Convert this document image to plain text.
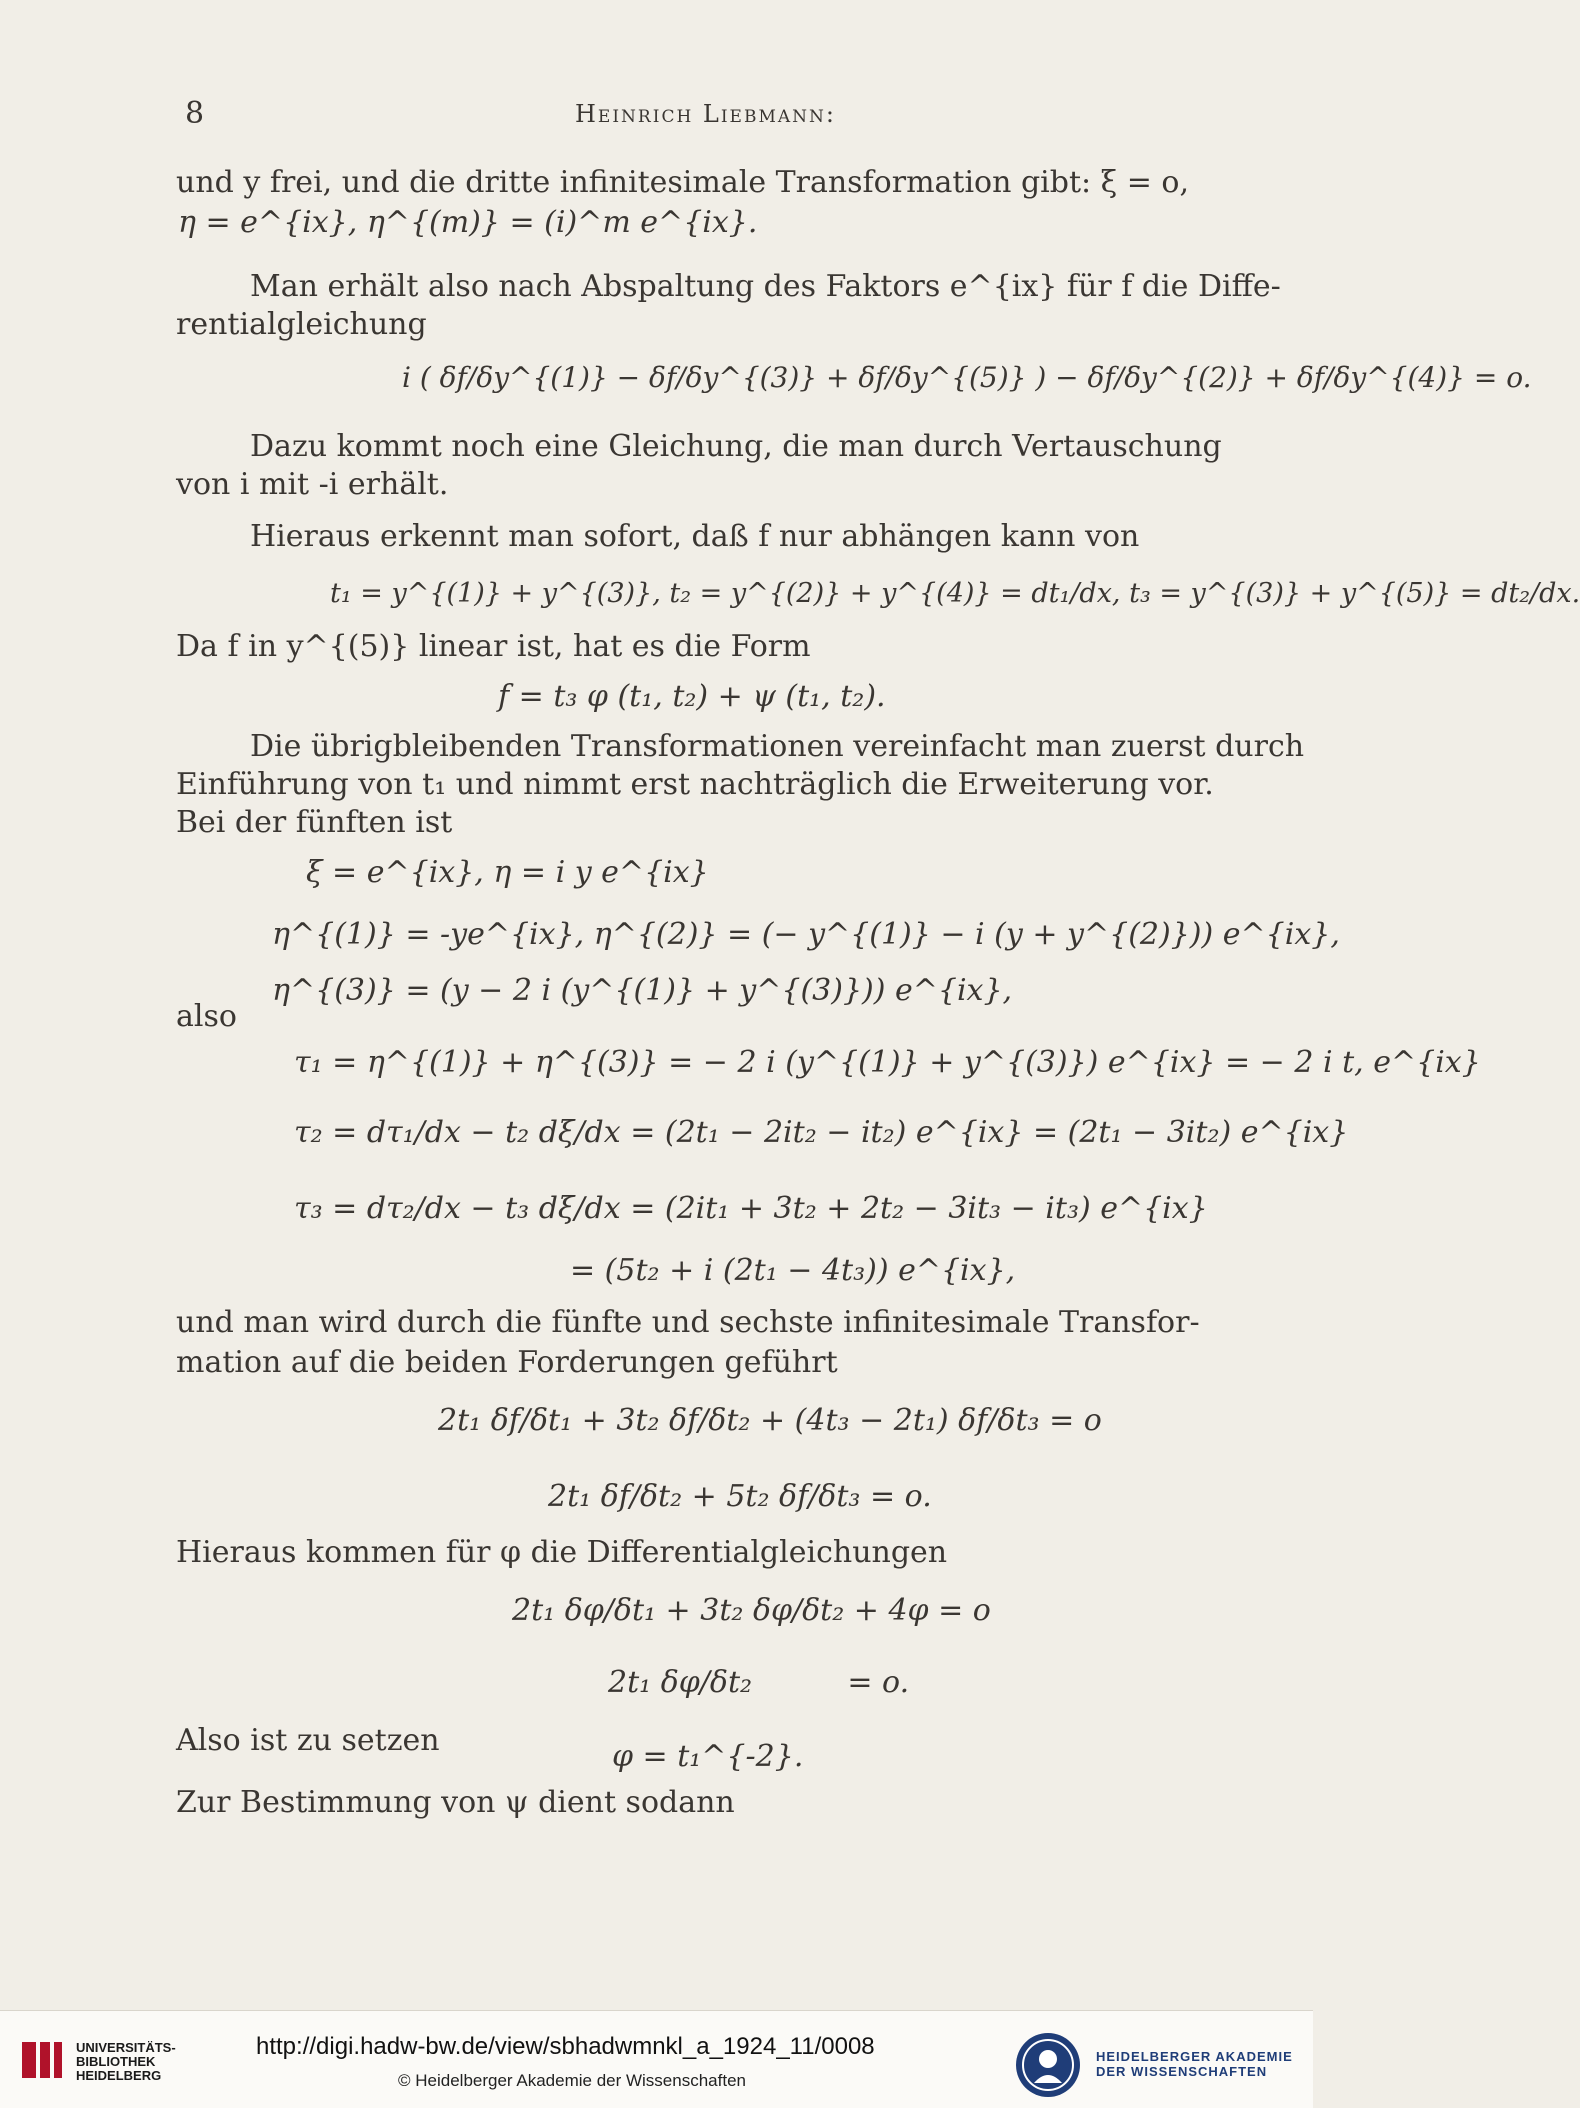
8	Heinrich Liebmann:
und y frei, und die dritte infinitesimale Transformation gibt: ξ = o,
η = e^{ix}, η^{(m)} = (i)^m e^{ix}.
Man erhält also nach Abspaltung des Faktors e^{ix} für f die Diffe-
rentialgleichung
i ( δf/δy^{(1)} − δf/δy^{(3)} + δf/δy^{(5)} ) − δf/δy^{(2)} + δf/δy^{(4)} = o.
Dazu kommt noch eine Gleichung, die man durch Vertauschung
von i mit -i erhält.
Hieraus erkennt man sofort, daß f nur abhängen kann von
t₁ = y^{(1)} + y^{(3)}, t₂ = y^{(2)} + y^{(4)} = dt₁/dx, t₃ = y^{(3)} + y^{(5)} = dt₂/dx.
Da f in y^{(5)} linear ist, hat es die Form
f = t₃ φ (t₁, t₂) + ψ (t₁, t₂).
Die übrigbleibenden Transformationen vereinfacht man zuerst durch
Einführung von t₁ und nimmt erst nachträglich die Erweiterung vor.
Bei der fünften ist
ξ = e^{ix}, η = i y e^{ix}
η^{(1)} = -ye^{ix}, η^{(2)} = (− y^{(1)} − i (y + y^{(2)})) e^{ix},
η^{(3)} = (y − 2 i (y^{(1)} + y^{(3)})) e^{ix},
also
τ₁ = η^{(1)} + η^{(3)} = − 2 i (y^{(1)} + y^{(3)}) e^{ix} = − 2 i t, e^{ix}
τ₂ = dτ₁/dx − t₂ dξ/dx = (2t₁ − 2it₂ − it₂) e^{ix} = (2t₁ − 3it₂) e^{ix}
τ₃ = dτ₂/dx − t₃ dξ/dx = (2it₁ + 3t₂ + 2t₂ − 3it₃ − it₃) e^{ix}
= (5t₂ + i (2t₁ − 4t₃)) e^{ix},
und man wird durch die fünfte und sechste infinitesimale Transfor-
mation auf die beiden Forderungen geführt
2t₁ δf/δt₁ + 3t₂ δf/δt₂ + (4t₃ − 2t₁) δf/δt₃ = o
2t₁ δf/δt₂ + 5t₂ δf/δt₃ = o.
Hieraus kommen für φ die Differentialgleichungen
2t₁ δφ/δt₁ + 3t₂ δφ/δt₂ + 4φ = o
2t₁ δφ/δt₂          = o.
Also ist zu setzen	φ = t₁^{-2}.
Zur Bestimmung von ψ dient sodann
UNIVERSITÄTS-
BIBLIOTHEK
HEIDELBERG
http://digi.hadw-bw.de/view/sbhadwmnkl_a_1924_11/0008
© Heidelberger Akademie der Wissenschaften
HEIDELBERGER AKADEMIE
DER WISSENSCHAFTEN
